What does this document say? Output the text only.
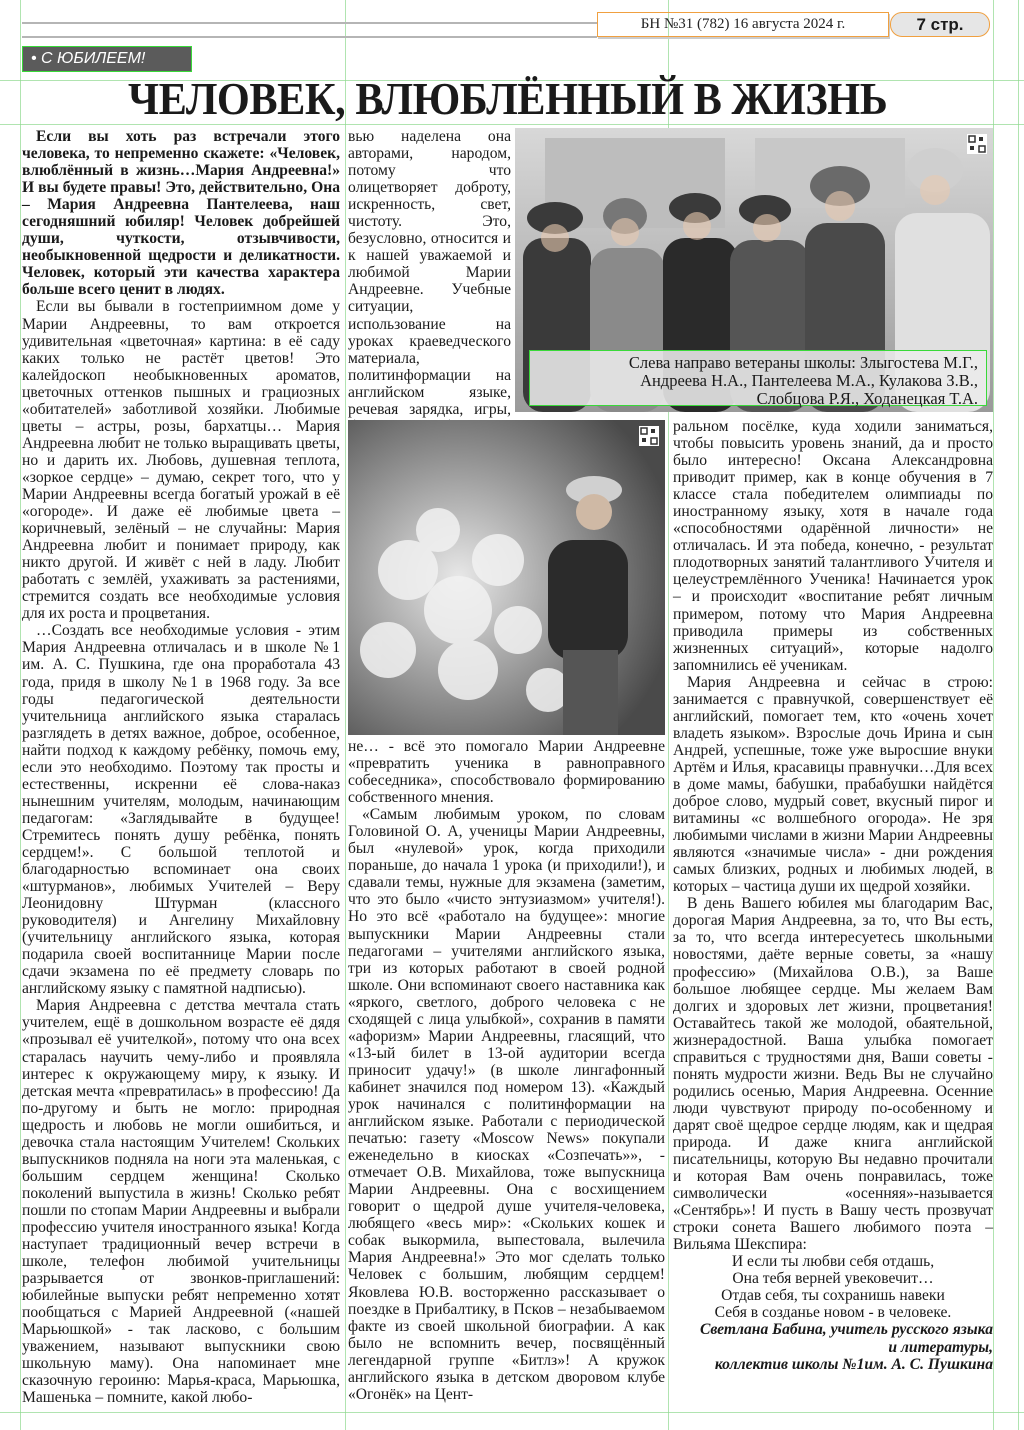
БН №31 (782) 16 августа 2024 г.	7 стр.
• С ЮБИЛЕЕМ!
ЧЕЛОВЕК, ВЛЮБЛЁННЫЙ В ЖИЗНЬ

Если вы хоть раз встречали этого человека, то непременно скажете: «Человек, влюблённый в жизнь…Мария Андреевна!» И вы будете правы! Это, действительно, Она – Мария Андреевна Пантелеева, наш сегодняшний юбиляр! Человек добрейшей души, чуткости, отзывчивости, необыкновенной щедрости и деликатности. Человек, который эти качества характера больше всего ценит в людях.

Если вы бывали в гостеприимном доме у Марии Андреевны, то вам откроется удивительная «цветочная» картина: в её саду каких только не растёт цветов! Это калейдоскоп необыкновенных ароматов, цветочных оттенков пышных и грациозных «обитателей» заботливой хозяйки. Любимые цветы – астры, розы, бархатцы… Мария Андреевна любит не только выращивать цветы, но и дарить их. Любовь, душевная теплота, «зоркое сердце» – думаю, секрет того, что у Марии Андреевны всегда богатый урожай в её «огороде». И даже её любимые цвета – коричневый, зелёный – не случайны: Мария Андреевна любит и понимает природу, как никто другой. И живёт с ней в ладу. Любит работать с землёй, ухаживать за растениями, стремится создать все необходимые условия для их роста и процветания.

…Создать все необходимые условия - этим Мария Андреевна отличалась и в школе №1 им. А. С. Пушкина, где она проработала 43 года, придя в школу №1 в 1968 году. За все годы педагогической деятельности учительница английского языка старалась разглядеть в детях важное, доброе, особенное, найти подход к каждому ребёнку, помочь ему, если это необходимо. Поэтому так просты и естественны, искренни её слова-наказ нынешним учителям, молодым, начинающим педагогам: «Заглядывайте в будущее! Стремитесь понять душу ребёнка, понять сердцем!». С большой теплотой и благодарностью вспоминает она своих «штурманов», любимых Учителей – Веру Леонидовну Штурман (классного руководителя) и Ангелину Михайловну (учительницу английского языка, которая подарила своей воспитаннице Марии после сдачи экзамена по её предмету словарь по английскому языку с памятной надписью).

Мария Андреевна с детства мечтала стать учителем, ещё в дошкольном возрасте её дядя «прозывал её учителкой», потому что она всех старалась научить чему-либо и проявляла интерес к окружающему миру, к языку. И детская мечта «превратилась» в профессию! Да по-другому и быть не могло: природная щедрость и любовь не могли ошибиться, и девочка стала настоящим Учителем! Скольких выпускников подняла на ноги эта маленькая, с большим сердцем женщина! Сколько поколений выпустила в жизнь! Сколько ребят пошли по стопам Марии Андреевны и выбрали профессию учителя иностранного языка! Когда наступает традиционный вечер встречи в школе, телефон любимой учительницы разрывается от звонков-приглашений: юбилейные выпуски ребят непременно хотят пообщаться с Марией Андреевной («нашей Марьюшкой» - так ласково, с большим уважением, называют выпускники свою школьную маму). Она напоминает мне сказочную героиню: Марья-краса, Марьюшка, Машенька – помните, какой любо-

вью наделена она авторами, народом, потому что олицетворяет доброту, искренность, свет, чистоту. Это, безусловно, относится и к нашей уважаемой и любимой Марии Андреевне. Учебные ситуации, использование на уроках краеведческого материала, политинформации на английском языке, речевая зарядка, игры,

Слева направо ветераны школы: Злыгостева М.Г.,
Андреева Н.А., Пантелеева М.А., Кулакова З.В.,
Слобцова Р.Я., Ходанецкая Т.А.

не… - всё это помогало Марии Андреевне «превратить ученика в равноправного собеседника», способствовало формированию собственного мнения.

«Самым любимым уроком, по словам Головиной О. А, ученицы Марии Андреевны, был «нулевой» урок, когда приходили пораньше, до начала 1 урока (и приходили!), и сдавали темы, нужные для экзамена (заметим, что это было «чисто энтузиазмом» учителя!). Но это всё «работало на будущее»: многие выпускники Марии Андреевны стали педагогами – учителями английского языка, три из которых работают в своей родной школе. Они вспоминают своего наставника как «яркого, светлого, доброго человека с не сходящей с лица улыбкой», сохранив в памяти «афоризм» Марии Андреевны, гласящий, что «13-ый билет в 13-ой аудитории всегда приносит удачу!» (в школе лингафонный кабинет значился под номером 13). «Каждый урок начинался с политинформации на английском языке. Работали с периодической печатью: газету «Moscow News» покупали еженедельно в киосках «Созпечать»», - отмечает О.В. Михайлова, тоже выпускница Марии Андреевны. Она с восхищением говорит о щедрой душе учителя-человека, любящего «весь мир»: «Скольких кошек и собак выкормила, выпестовала, вылечила Мария Андреевна!» Это мог сделать только Человек с большим, любящим сердцем! Яковлева Ю.В. восторженно рассказывает о поездке в Прибалтику, в Псков – незабываемом факте из своей школьной биографии. А как было не вспомнить вечер, посвящённый легендарной группе «Битлз»! А кружок английского языка в детском дворовом клубе «Огонёк» на Цент-

ральном посёлке, куда ходили заниматься, чтобы повысить уровень знаний, да и просто было интересно! Оксана Александровна приводит пример, как в конце обучения в 7 классе стала победителем олимпиады по иностранному языку, хотя в начале года «способностями одарённой личности» не отличалась. И эта победа, конечно, - результат плодотворных занятий талантливого Учителя и целеустремлённого Ученика! Начинается урок – и происходит «воспитание ребят личным примером, потому что Мария Андреевна приводила примеры из собственных жизненных ситуаций», которые надолго запомнились её ученикам.

Мария Андреевна и сейчас в строю: занимается с правнучкой, совершенствует её английский, помогает тем, кто «очень хочет владеть языком». Взрослые дочь Ирина и сын Андрей, успешные, тоже уже выросшие внуки Артём и Илья, красавицы правнучки…Для всех в доме мамы, бабушки, прабабушки найдётся доброе слово, мудрый совет, вкусный пирог и витамины «с волшебного огорода». Не зря любимыми числами в жизни Марии Андреевны являются «значимые числа» - дни рождения самых близких, родных и любимых людей, в которых – частица души их щедрой хозяйки.

В день Вашего юбилея мы благодарим Вас, дорогая Мария Андреевна, за то, что Вы есть, за то, что всегда интересуетесь школьными новостями, даёте верные советы, за «нашу профессию» (Михайлова О.В.), за Ваше большое любящее сердце. Мы желаем Вам долгих и здоровых лет жизни, процветания! Оставайтесь такой же молодой, обаятельной, жизнерадостной. Ваша улыбка помогает справиться с трудностями дня, Ваши советы - понять мудрости жизни. Ведь Вы не случайно родились осенью, Мария Андреевна. Осенние люди чувствуют природу по-особенному и дарят своё щедрое сердце людям, как и щедрая природа. И даже книга английской писательницы, которую Вы недавно прочитали и которая Вам очень понравилась, тоже символически «осенняя»-называется «Сентябрь»! И пусть в Вашу честь прозвучат строки сонета Вашего любимого поэта – Вильяма Шекспира:

И если ты любви себя отдашь,

Она тебя верней увековечит…

Отдав себя, ты сохранишь навеки

Себя в созданье новом - в человеке.

Светлана Бабина, учитель русского языка

и литературы,

коллектив школы №1им. А. С. Пушкина
